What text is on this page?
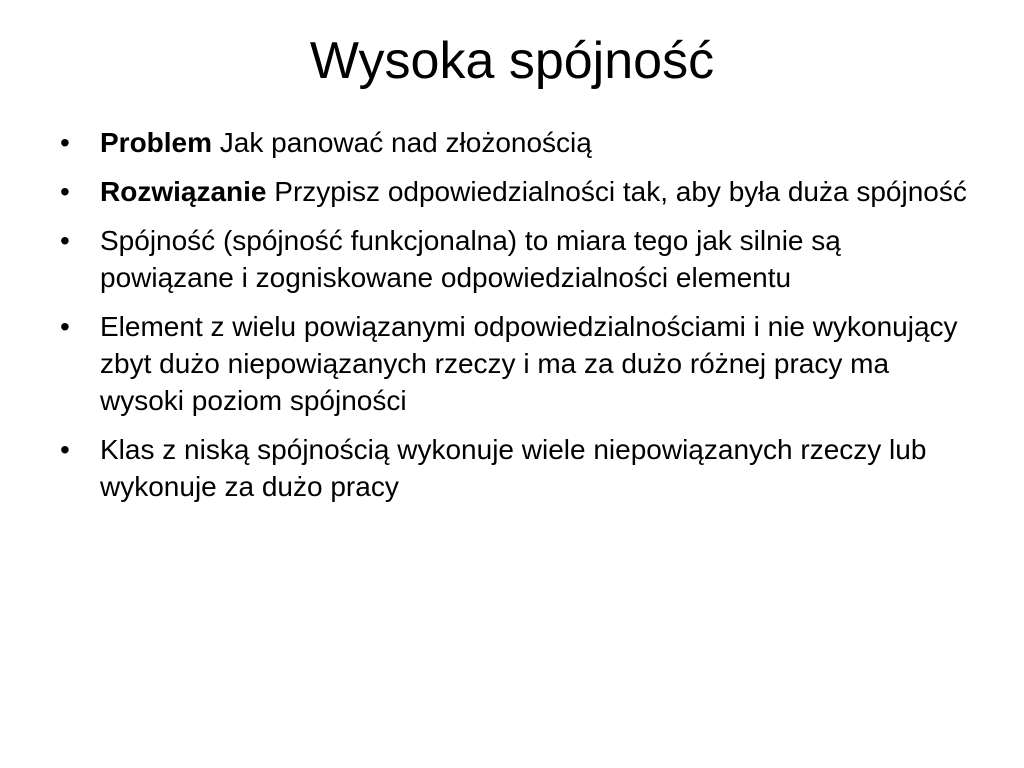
Wysoka spójność
• Problem Jak panować nad złożonością
• Rozwiązanie Przypisz odpowiedzialności tak, aby była duża spójność
• Spójność (spójność funkcjonalna) to miara tego jak silnie są powiązane i zogniskowane odpowiedzialności elementu
• Element z wielu powiązanymi odpowiedzialnościami i nie wykonujący zbyt dużo niepowiązanych rzeczy i ma za dużo różnej pracy ma wysoki poziom spójności
• Klas z niską spójnością wykonuje wiele niepowiązanych rzeczy lub wykonuje za dużo pracy
